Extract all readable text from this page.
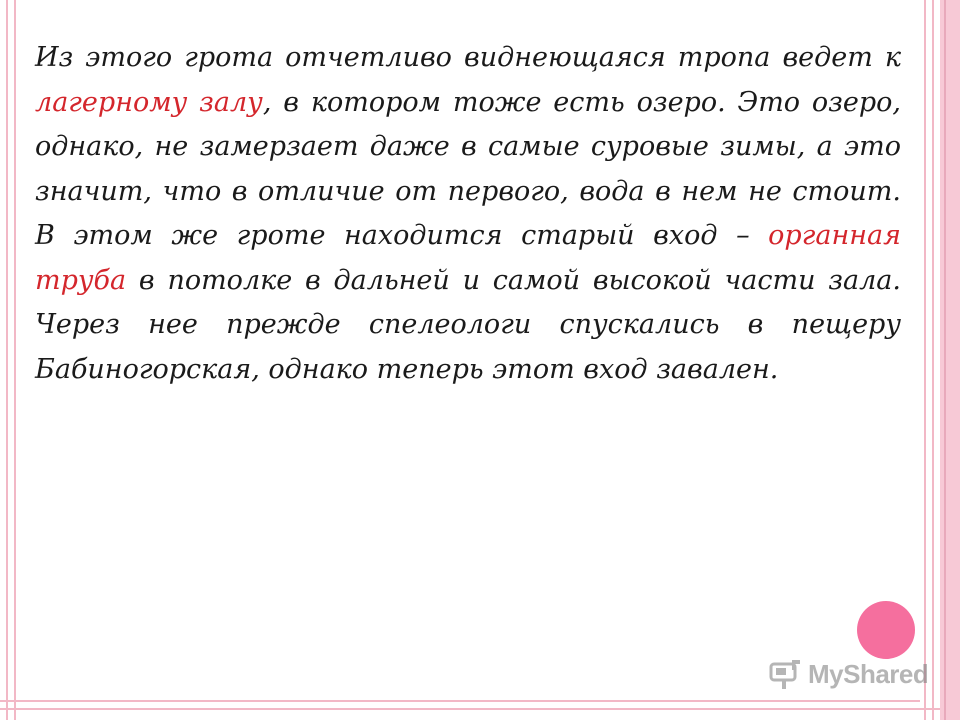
Из этого грота отчетливо виднеющаяся тропа ведет к лагерному залу, в котором тоже есть озеро. Это озеро, однако, не замерзает даже в самые суровые зимы, а это значит, что в отличие от первого, вода в нем не стоит. В этом же гроте находится старый вход – органная труба в потолке в дальней и самой высокой части зала. Через нее прежде спелеологи спускались в пещеру Бабиногорская, однако теперь этот вход завален.

MyShared
